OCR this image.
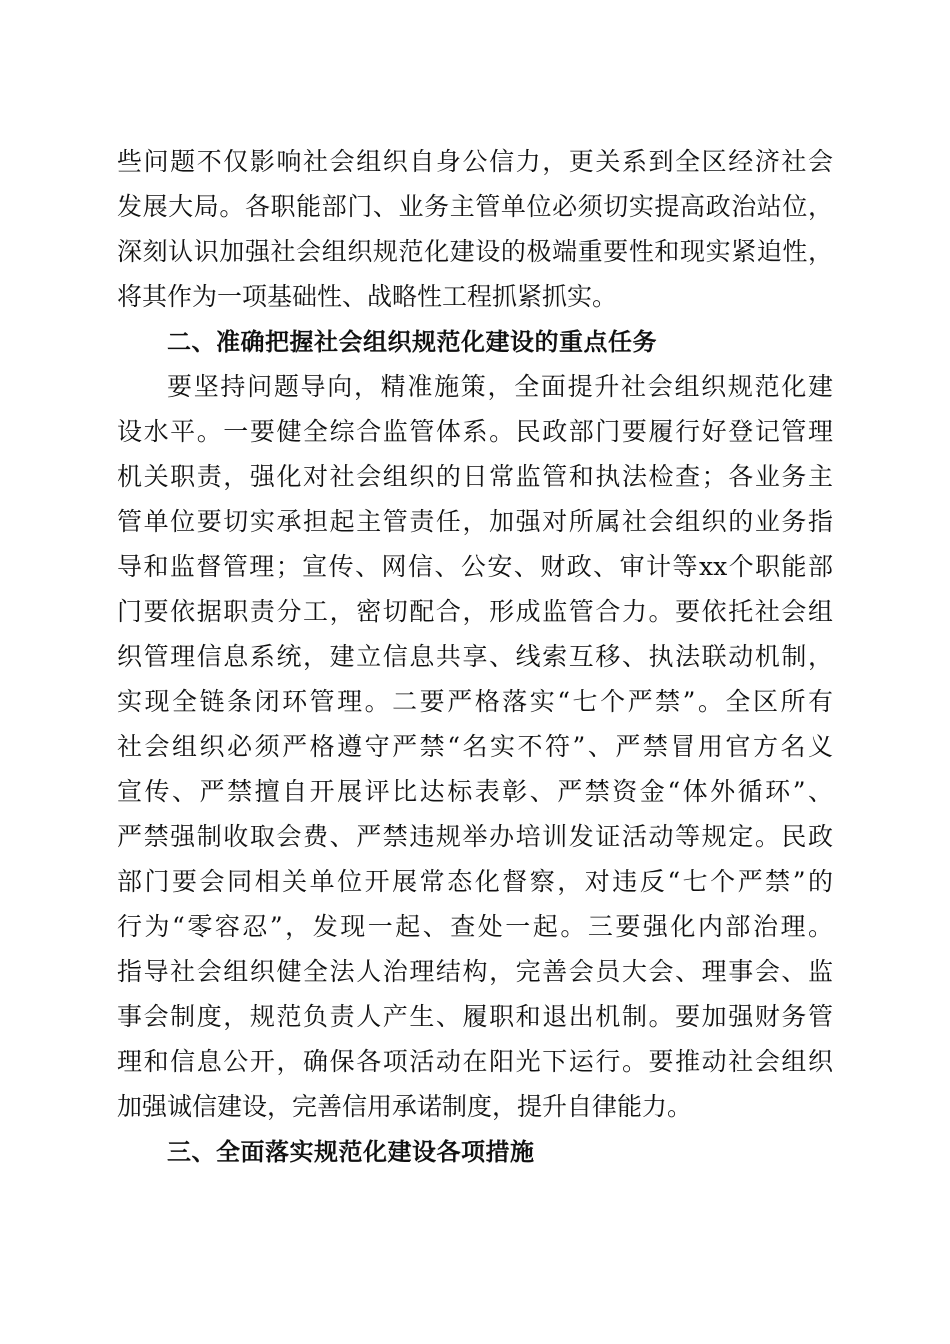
些问题不仅影响社会组织自身公信力，更关系到全区经济社会
发展大局。各职能部门、业务主管单位必须切实提高政治站位，
深刻认识加强社会组织规范化建设的极端重要性和现实紧迫性，
将其作为一项基础性、战略性工程抓紧抓实。
二、准确把握社会组织规范化建设的重点任务
要坚持问题导向，精准施策，全面提升社会组织规范化建
设水平。一要健全综合监管体系。民政部门要履行好登记管理
机关职责，强化对社会组织的日常监管和执法检查；各业务主
管单位要切实承担起主管责任，加强对所属社会组织的业务指
导和监督管理；宣传、网信、公安、财政、审计等xx个职能部
门要依据职责分工，密切配合，形成监管合力。要依托社会组
织管理信息系统，建立信息共享、线索互移、执法联动机制，
实现全链条闭环管理。二要严格落实“七个严禁”。全区所有
社会组织必须严格遵守严禁“名实不符”、严禁冒用官方名义
宣传、严禁擅自开展评比达标表彰、严禁资金“体外循环”、
严禁强制收取会费、严禁违规举办培训发证活动等规定。民政
部门要会同相关单位开展常态化督察，对违反“七个严禁”的
行为“零容忍”，发现一起、查处一起。三要强化内部治理。
指导社会组织健全法人治理结构，完善会员大会、理事会、监
事会制度，规范负责人产生、履职和退出机制。要加强财务管
理和信息公开，确保各项活动在阳光下运行。要推动社会组织
加强诚信建设，完善信用承诺制度，提升自律能力。
三、全面落实规范化建设各项措施
